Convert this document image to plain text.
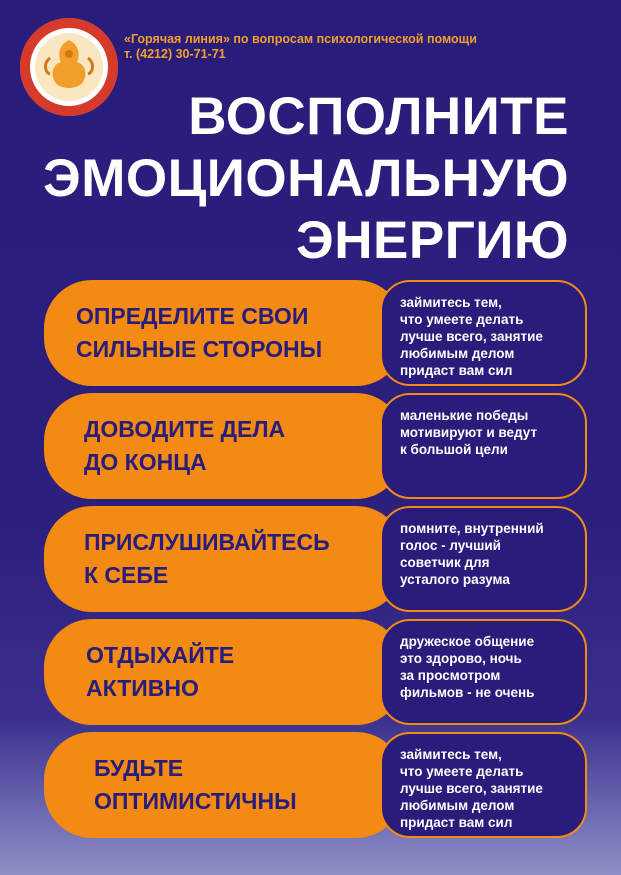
«Горячая линия» по вопросам психологической помощи
т. (4212) 30-71-71
ВОСПОЛНИТЕ
ЭМОЦИОНАЛЬНУЮ
ЭНЕРГИЮ
ОПРЕДЕЛИТЕ СВОИ
СИЛЬНЫЕ СТОРОНЫ
займитесь тем,
что умеете делать
лучше всего, занятие
любимым делом
придаст вам сил
ДОВОДИТЕ ДЕЛА
ДО КОНЦА
маленькие победы
мотивируют и ведут
к большой цели
ПРИСЛУШИВАЙТЕСЬ
К СЕБЕ
помните, внутренний
голос - лучший
советчик для
усталого разума
ОТДЫХАЙТЕ
АКТИВНО
дружеское общение
это здорово, ночь
за просмотром
фильмов - не очень
БУДЬТЕ
ОПТИМИСТИЧНЫ
займитесь тем,
что умеете делать
лучше всего, занятие
любимым делом
придаст вам сил
